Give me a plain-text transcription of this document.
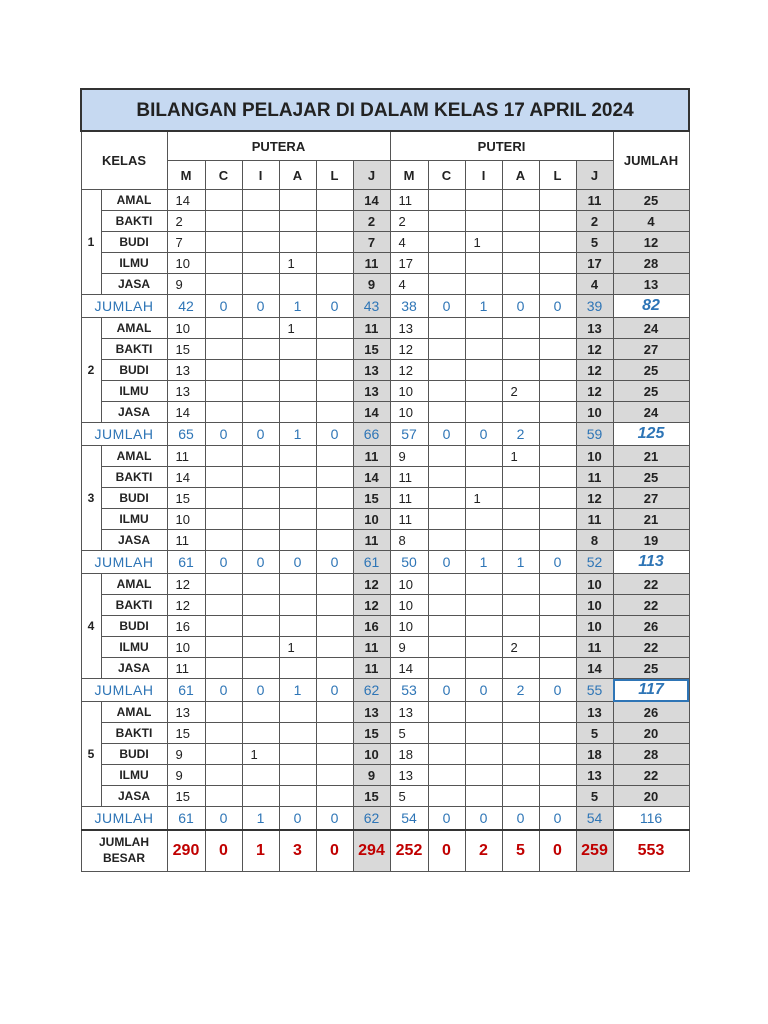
BILANGAN PELAJAR DI DALAM KELAS 17 APRIL 2024														
KELAS		PUTERA						PUTERI						JUMLAH
		M	C	I	A	L	J	M	C	I	A	L	J	
1	AMAL	14					14	11					11	25
	BAKTI	2					2	2					2	4
	BUDI	7					7	4		1			5	12
	ILMU	10			1		11	17					17	28
	JASA	9					9	4					4	13
JUMLAH		42	0	0	1	0	43	38	0	1	0	0	39	82
2	AMAL	10			1		11	13					13	24
	BAKTI	15					15	12					12	27
	BUDI	13					13	12					12	25
	ILMU	13					13	10			2		12	25
	JASA	14					14	10					10	24
JUMLAH		65	0	0	1	0	66	57	0	0	2		59	125
3	AMAL	11					11	9			1		10	21
	BAKTI	14					14	11					11	25
	BUDI	15					15	11		1			12	27
	ILMU	10					10	11					11	21
	JASA	11					11	8					8	19
JUMLAH		61	0	0	0	0	61	50	0	1	1	0	52	113
4	AMAL	12					12	10					10	22
	BAKTI	12					12	10					10	22
	BUDI	16					16	10					10	26
	ILMU	10			1		11	9			2		11	22
	JASA	11					11	14					14	25
JUMLAH		61	0	0	1	0	62	53	0	0	2	0	55	117
5	AMAL	13					13	13					13	26
	BAKTI	15					15	5					5	20
	BUDI	9		1			10	18					18	28
	ILMU	9					9	13					13	22
	JASA	15					15	5					5	20
JUMLAH		61	0	1	0	0	62	54	0	0	0	0	54	116

JUMLAH
BESAR		290	0	1	3	0	294	252	0	2	5	0	259	553
